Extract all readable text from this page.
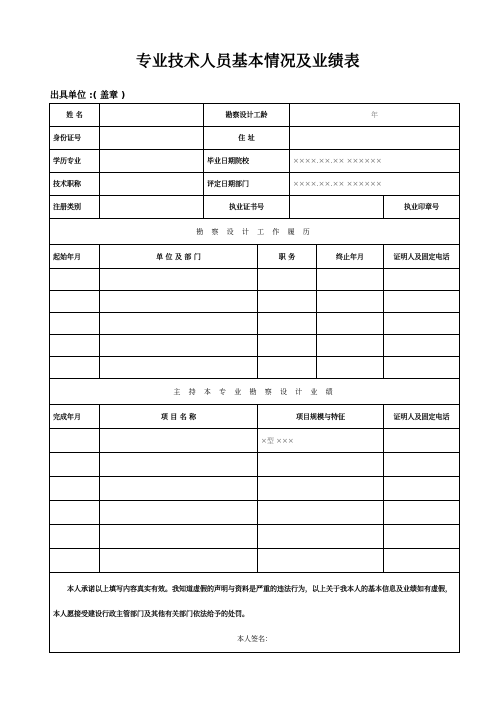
专业技术人员基本情况及业绩表
出具单位 :( 盖章 )
姓 名		勘察设计工龄		年		
身份证号		住 址				
学历专业		毕业日期院校		××××.××.×× ××××××		
技术职称		评定日期部门		××××.××.×× ××××××		
注册类别		执业证书号				执业印章号
勘 察 设 计 工 作 履 历						
起始年月	单 位 及 部 门		职 务		终止年月	证明人及固定电话

主 持 本 专 业 勘 察 设 计 业 绩						
完成年月	项 目 名 称		项目规模与特征			证明人及固定电话
			×型 ×××			

本人承诺以上填写内容真实有效。我知道虚假的声明与资料是严重的违法行为，以上关于我本人的基本信息及业绩如有虚假，本人愿接受建设行政主管部门及其他有关部门依法给予的处罚。
本人签名：						
